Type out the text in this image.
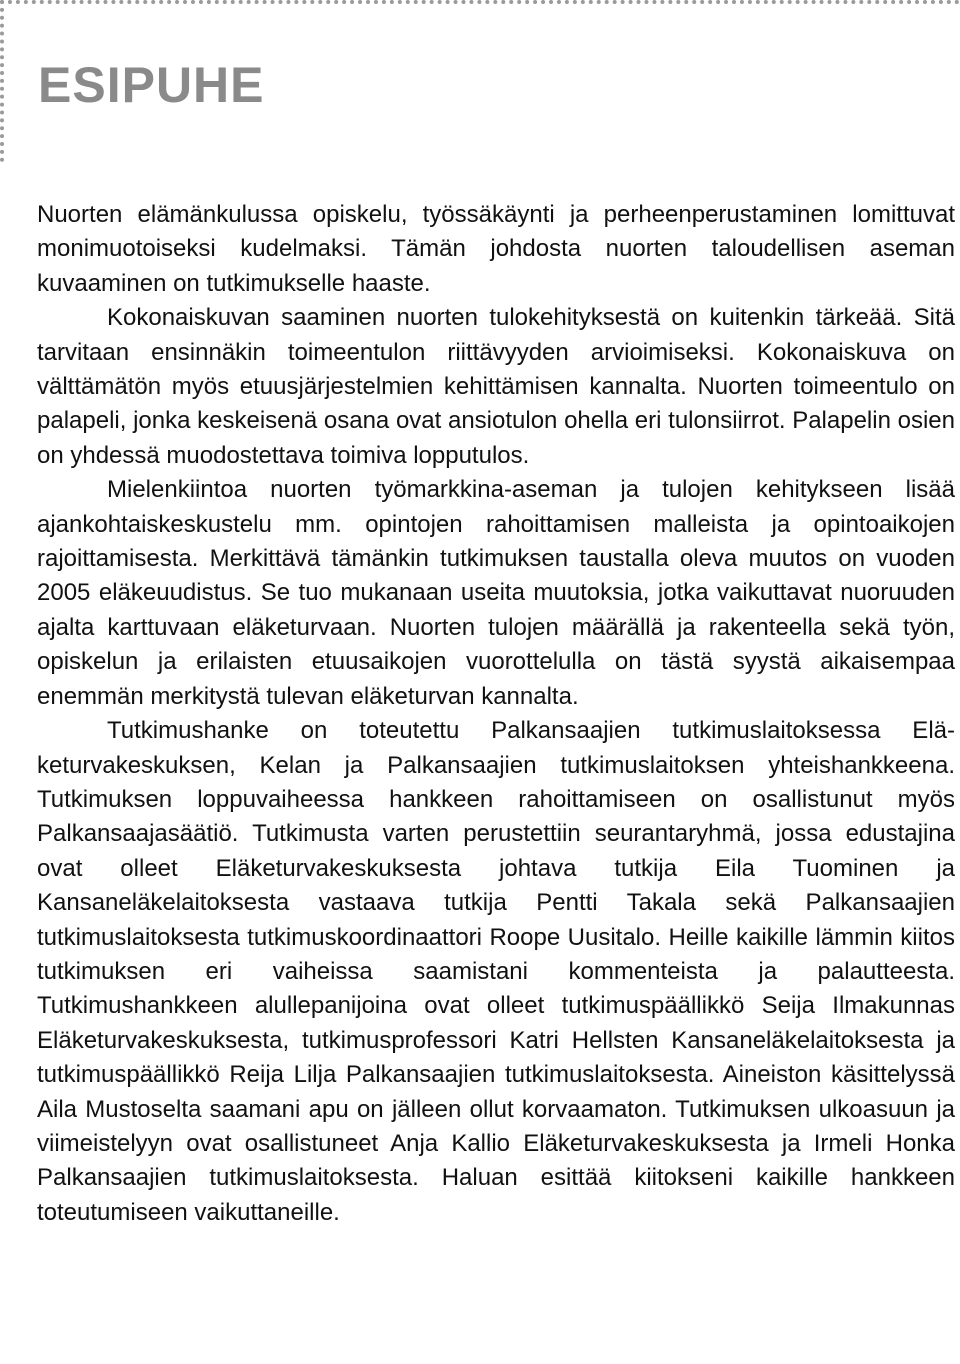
ESIPUHE

Nuorten elämänkulussa opiskelu, työssäkäynti ja perheenperustaminen lomittuvat monimuotoiseksi kudelmaksi. Tämän johdosta nuorten taloudellisen aseman kuvaaminen on tutkimukselle haaste.

Kokonaiskuvan saaminen nuorten tulokehityksestä on kuitenkin tärkeää. Sitä tarvitaan ensinnäkin toimeentulon riittävyyden arvioimiseksi. Kokonaiskuva on välttämätön myös etuusjärjestelmien kehittämisen kannalta. Nuorten toimeentulo on palapeli, jonka keskeisenä osana ovat ansiotulon ohella eri tulonsiirrot. Palapelin osien on yhdessä muodostettava toimiva lopputulos.

Mielenkiintoa nuorten työmarkkina-aseman ja tulojen kehitykseen lisää ajankohtaiskeskustelu mm. opintojen rahoittamisen malleista ja opintoaikojen rajoittamisesta. Merkittävä tämänkin tutkimuksen taustalla oleva muutos on vuoden 2005 eläkeuudistus. Se tuo mukanaan useita muutoksia, jotka vaikuttavat nuoruuden ajalta karttuvaan eläketurvaan. Nuorten tulojen määrällä ja rakenteella sekä työn, opiskelun ja erilaisten etuusaikojen vuorottelulla on tästä syystä aikaisempaa enemmän merkitystä tulevan eläketurvan kannalta.

Tutkimushanke on toteutettu Palkansaajien tutkimuslaitoksessa Eläketurvakeskuksen, Kelan ja Palkansaajien tutkimuslaitoksen yhteishankkeena. Tutkimuksen loppuvaiheessa hankkeen rahoittamiseen on osallistunut myös Palkansaajasäätiö. Tutkimusta varten perustettiin seurantaryhmä, jossa edustajina ovat olleet Eläketurvakeskuksesta johtava tutkija Eila Tuominen ja Kansaneläkelaitoksesta vastaava tutkija Pentti Takala sekä Palkansaajien tutkimuslaitoksesta tutkimuskoordinaattori Roope Uusitalo. Heille kaikille lämmin kiitos tutkimuksen eri vaiheissa saamistani kommenteista ja palautteesta. Tutkimushankkeen alullepanijoina ovat olleet tutkimuspäällikkö Seija Ilmakunnas Eläketurvakeskuksesta, tutkimusprofessori Katri Hellsten Kansaneläkelaitoksesta ja tutkimuspäällikkö Reija Lilja Palkansaajien tutkimuslaitoksesta. Aineiston käsittelyssä Aila Mustoselta saamani apu on jälleen ollut korvaamaton. Tutkimuksen ulkoasuun ja viimeistelyyn ovat osallistuneet Anja Kallio Eläketurvakeskuksesta ja Irmeli Honka Palkansaajien tutkimuslaitoksesta. Haluan esittää kiitokseni kaikille hankkeen toteutumiseen vaikuttaneille.
